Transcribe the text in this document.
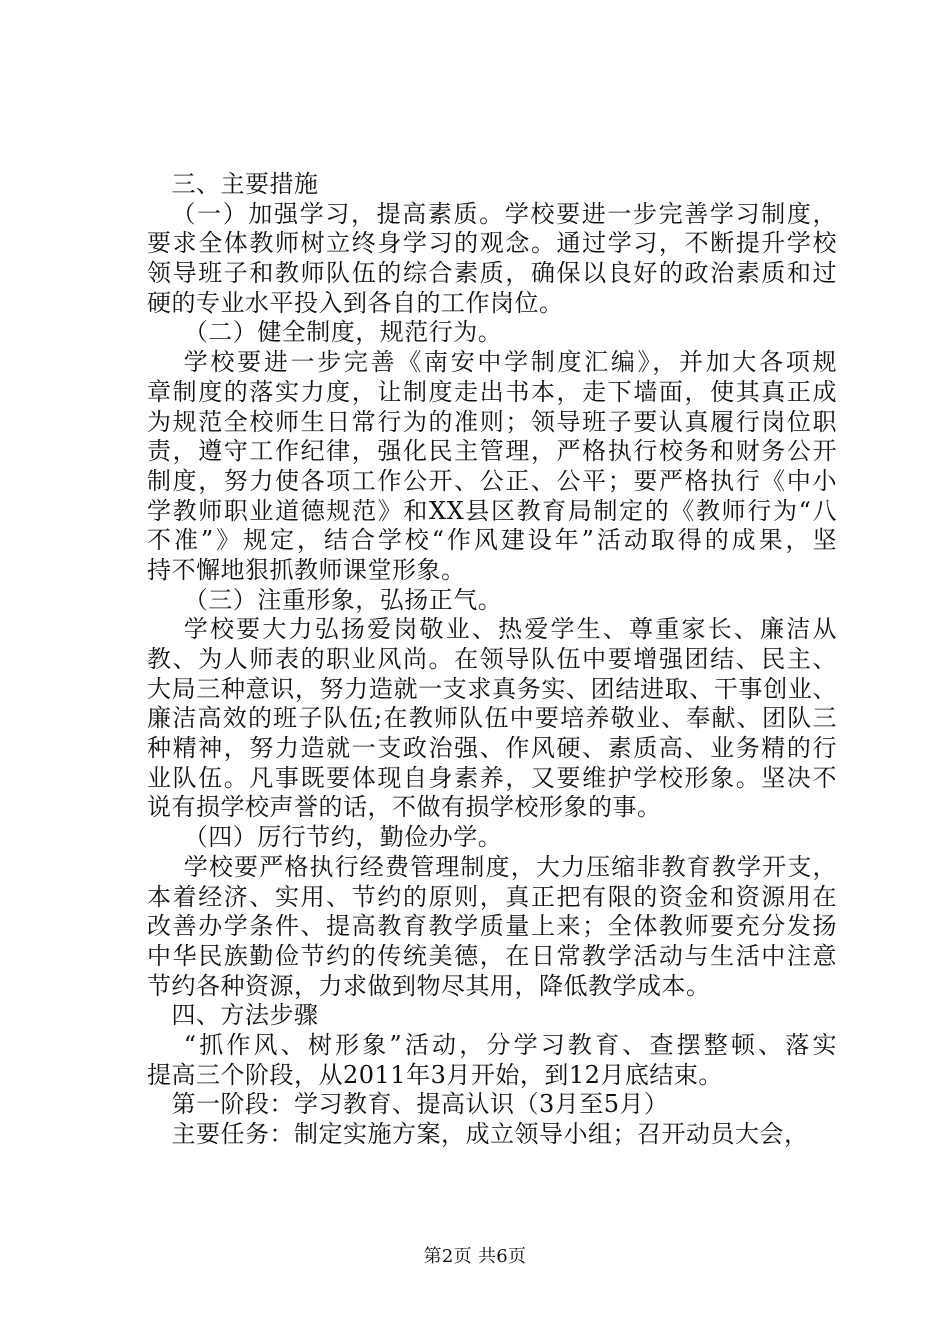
三、主要措施
（一）加强学习，提高素质。学校要进一步完善学习制度，
要求全体教师树立终身学习的观念。通过学习，不断提升学校
领导班子和教师队伍的综合素质，确保以良好的政治素质和过
硬的专业水平投入到各自的工作岗位。
（二）健全制度，规范行为。
学校要进一步完善《南安中学制度汇编》，并加大各项规
章制度的落实力度，让制度走出书本，走下墙面，使其真正成
为规范全校师生日常行为的准则；领导班子要认真履行岗位职
责，遵守工作纪律，强化民主管理，严格执行校务和财务公开
制度，努力使各项工作公开、公正、公平；要严格执行《中小
学教师职业道德规范》和XX县区教育局制定的《教师行为“八
不准”》规定，结合学校“作风建设年”活动取得的成果，坚
持不懈地狠抓教师课堂形象。
（三）注重形象，弘扬正气。
学校要大力弘扬爱岗敬业、热爱学生、尊重家长、廉洁从
教、为人师表的职业风尚。在领导队伍中要增强团结、民主、
大局三种意识，努力造就一支求真务实、团结进取、干事创业、
廉洁高效的班子队伍;在教师队伍中要培养敬业、奉献、团队三
种精神，努力造就一支政治强、作风硬、素质高、业务精的行
业队伍。凡事既要体现自身素养，又要维护学校形象。坚决不
说有损学校声誉的话，不做有损学校形象的事。
（四）厉行节约，勤俭办学。
学校要严格执行经费管理制度，大力压缩非教育教学开支，
本着经济、实用、节约的原则，真正把有限的资金和资源用在
改善办学条件、提高教育教学质量上来；全体教师要充分发扬
中华民族勤俭节约的传统美德，在日常教学活动与生活中注意
节约各种资源，力求做到物尽其用，降低教学成本。
四、方法步骤
“抓作风、树形象”活动，分学习教育、查摆整顿、落实
提高三个阶段，从2011年3月开始，到12月底结束。
第一阶段：学习教育、提高认识（3月至5月）
主要任务：制定实施方案，成立领导小组；召开动员大会，
第2页 共6页
